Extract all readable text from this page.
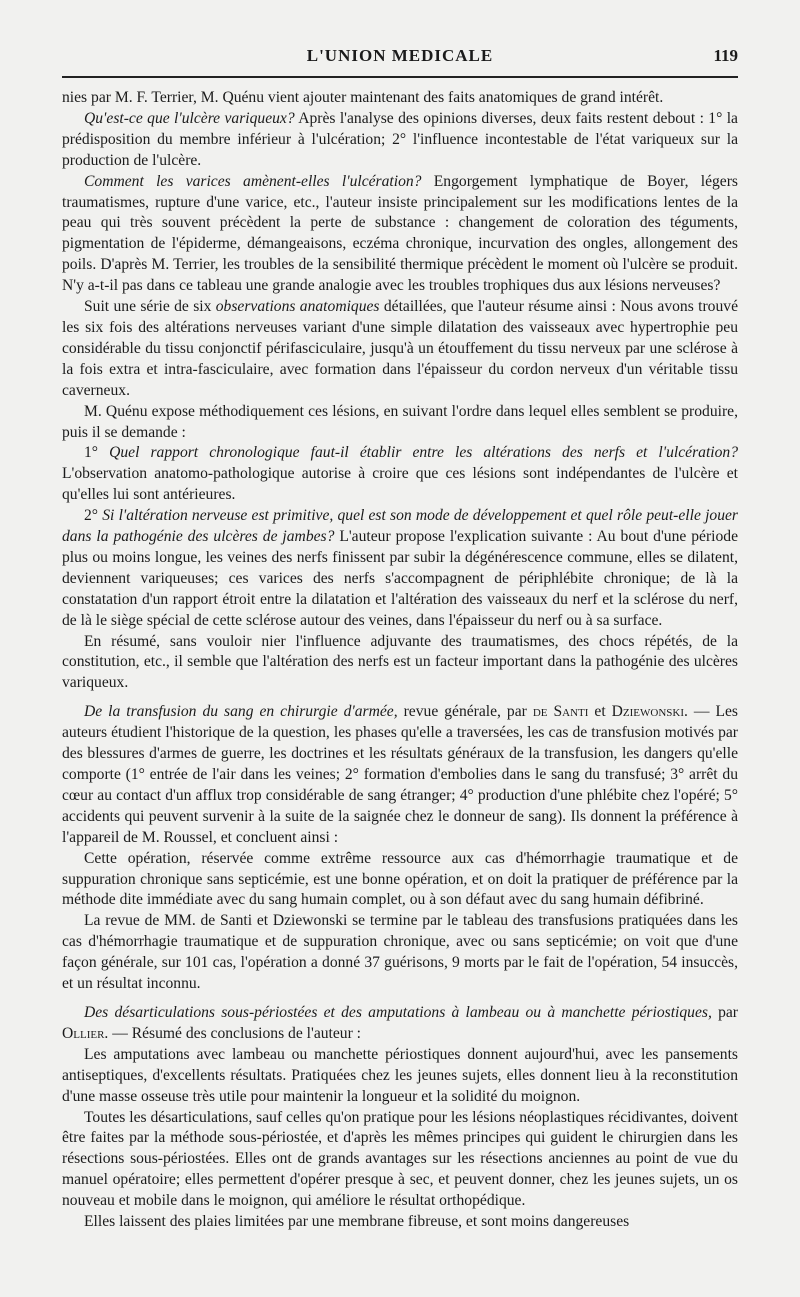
L'UNION MEDICALE	119

nies par M. F. Terrier, M. Quénu vient ajouter maintenant des faits anatomiques de grand intérêt.

Qu'est-ce que l'ulcère variqueux? Après l'analyse des opinions diverses, deux faits restent debout : 1° la prédisposition du membre inférieur à l'ulcération; 2° l'influence incontestable de l'état variqueux sur la production de l'ulcère.

Comment les varices amènent-elles l'ulcération? Engorgement lymphatique de Boyer, légers traumatismes, rupture d'une varice, etc., l'auteur insiste principalement sur les modifications lentes de la peau qui très souvent précèdent la perte de substance : changement de coloration des téguments, pigmentation de l'épiderme, démangeaisons, eczéma chronique, incurvation des ongles, allongement des poils. D'après M. Terrier, les troubles de la sensibilité thermique précèdent le moment où l'ulcère se produit. N'y a-t-il pas dans ce tableau une grande analogie avec les troubles trophiques dus aux lésions nerveuses?

Suit une série de six observations anatomiques détaillées, que l'auteur résume ainsi : Nous avons trouvé les six fois des altérations nerveuses variant d'une simple dilatation des vaisseaux avec hypertrophie peu considérable du tissu conjonctif périfasciculaire, jusqu'à un étouffement du tissu nerveux par une sclérose à la fois extra et intra-fasciculaire, avec formation dans l'épaisseur du cordon nerveux d'un véritable tissu caverneux.

M. Quénu expose méthodiquement ces lésions, en suivant l'ordre dans lequel elles semblent se produire, puis il se demande :

1° Quel rapport chronologique faut-il établir entre les altérations des nerfs et l'ulcération? L'observation anatomo-pathologique autorise à croire que ces lésions sont indépendantes de l'ulcère et qu'elles lui sont antérieures.

2° Si l'altération nerveuse est primitive, quel est son mode de développement et quel rôle peut-elle jouer dans la pathogénie des ulcères de jambes? L'auteur propose l'explication suivante : Au bout d'une période plus ou moins longue, les veines des nerfs finissent par subir la dégénérescence commune, elles se dilatent, deviennent variqueuses; ces varices des nerfs s'accompagnent de périphlébite chronique; de là la constatation d'un rapport étroit entre la dilatation et l'altération des vaisseaux du nerf et la sclérose du nerf, de là le siège spécial de cette sclérose autour des veines, dans l'épaisseur du nerf ou à sa surface.

En résumé, sans vouloir nier l'influence adjuvante des traumatismes, des chocs répétés, de la constitution, etc., il semble que l'altération des nerfs est un facteur important dans la pathogénie des ulcères variqueux.

De la transfusion du sang en chirurgie d'armée, revue générale, par de Santi et Dziewonski. — Les auteurs étudient l'historique de la question, les phases qu'elle a traversées, les cas de transfusion motivés par des blessures d'armes de guerre, les doctrines et les résultats généraux de la transfusion, les dangers qu'elle comporte (1° entrée de l'air dans les veines; 2° formation d'embolies dans le sang du transfusé; 3° arrêt du cœur au contact d'un afflux trop considérable de sang étranger; 4° production d'une phlébite chez l'opéré; 5° accidents qui peuvent survenir à la suite de la saignée chez le donneur de sang). Ils donnent la préférence à l'appareil de M. Roussel, et concluent ainsi :

Cette opération, réservée comme extrême ressource aux cas d'hémorrhagie traumatique et de suppuration chronique sans septicémie, est une bonne opération, et on doit la pratiquer de préférence par la méthode dite immédiate avec du sang humain complet, ou à son défaut avec du sang humain défibriné.

La revue de MM. de Santi et Dziewonski se termine par le tableau des transfusions pratiquées dans les cas d'hémorrhagie traumatique et de suppuration chronique, avec ou sans septicémie; on voit que d'une façon générale, sur 101 cas, l'opération a donné 37 guérisons, 9 morts par le fait de l'opération, 54 insuccès, et un résultat inconnu.

Des désarticulations sous-périostées et des amputations à lambeau ou à manchette périostiques, par Ollier. — Résumé des conclusions de l'auteur :

Les amputations avec lambeau ou manchette périostiques donnent aujourd'hui, avec les pansements antiseptiques, d'excellents résultats. Pratiquées chez les jeunes sujets, elles donnent lieu à la reconstitution d'une masse osseuse très utile pour maintenir la longueur et la solidité du moignon.

Toutes les désarticulations, sauf celles qu'on pratique pour les lésions néoplastiques récidivantes, doivent être faites par la méthode sous-périostée, et d'après les mêmes principes qui guident le chirurgien dans les résections sous-périostées. Elles ont de grands avantages sur les résections anciennes au point de vue du manuel opératoire; elles permettent d'opérer presque à sec, et peuvent donner, chez les jeunes sujets, un os nouveau et mobile dans le moignon, qui améliore le résultat orthopédique.

Elles laissent des plaies limitées par une membrane fibreuse, et sont moins dangereuses
